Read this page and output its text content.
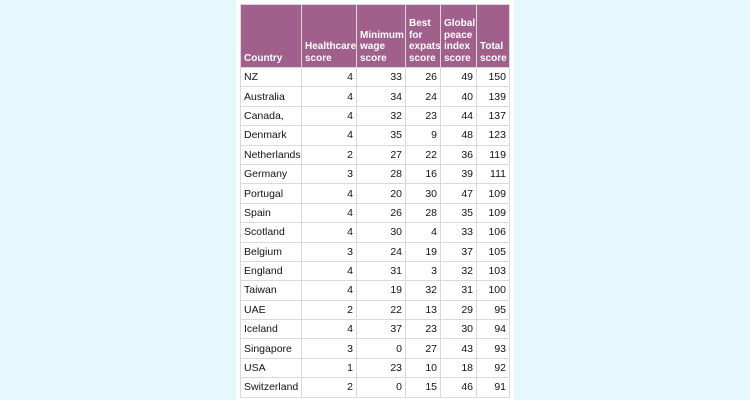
Country	Healthcare score	Minimum wage score	Best for expats score	Global peace index score	Total score
NZ	4	33	26	49	150
Australia	4	34	24	40	139
Canada,	4	32	23	44	137
Denmark	4	35	9	48	123
Netherlands	2	27	22	36	119
Germany	3	28	16	39	111
Portugal	4	20	30	47	109
Spain	4	26	28	35	109
Scotland	4	30	4	33	106
Belgium	3	24	19	37	105
England	4	31	3	32	103
Taiwan	4	19	32	31	100
UAE	2	22	13	29	95
Iceland	4	37	23	30	94
Singapore	3	0	27	43	93
USA	1	23	10	18	92
Switzerland	2	0	15	46	91
